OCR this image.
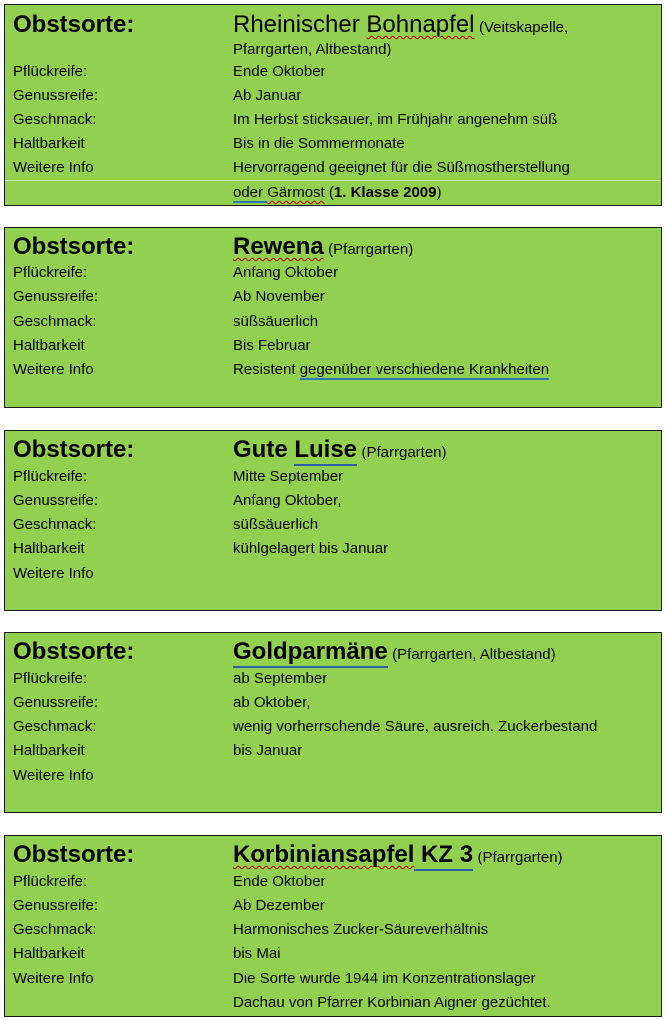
Obstsorte:	Rheinischer Bohnapfel (Veitskapelle,
Pfarrgarten, Altbestand)
Pflückreife:	Ende Oktober
Genussreife:	Ab Januar
Geschmack:	Im Herbst sticksauer, im Frühjahr angenehm süß
Haltbarkeit	Bis in die Sommermonate
Weitere Info	Hervorragend geeignet für die Süßmostherstellung
oder Gärmost (1. Klasse 2009)
Obstsorte:	Rewena (Pfarrgarten)
Pflückreife:	Anfang Oktober
Genussreife:	Ab November
Geschmack:	süßsäuerlich
Haltbarkeit	Bis Februar
Weitere Info	Resistent gegenüber verschiedene Krankheiten
Obstsorte:	Gute Luise (Pfarrgarten)
Pflückreife:	Mitte September
Genussreife:	Anfang Oktober,
Geschmack:	süßsäuerlich
Haltbarkeit	kühlgelagert bis Januar
Weitere Info
Obstsorte:	Goldparmäne (Pfarrgarten, Altbestand)
Pflückreife:	ab September
Genussreife:	ab Oktober,
Geschmack:	wenig vorherrschende Säure, ausreich. Zuckerbestand
Haltbarkeit	bis Januar
Weitere Info
Obstsorte:	Korbiniansapfel KZ 3 (Pfarrgarten)
Pflückreife:	Ende Oktober
Genussreife:	Ab Dezember
Geschmack:	Harmonisches Zucker-Säureverhältnis
Haltbarkeit	bis Mai
Weitere Info	Die Sorte wurde 1944 im Konzentrationslager
Dachau von Pfarrer Korbinian Aigner gezüchtet.
